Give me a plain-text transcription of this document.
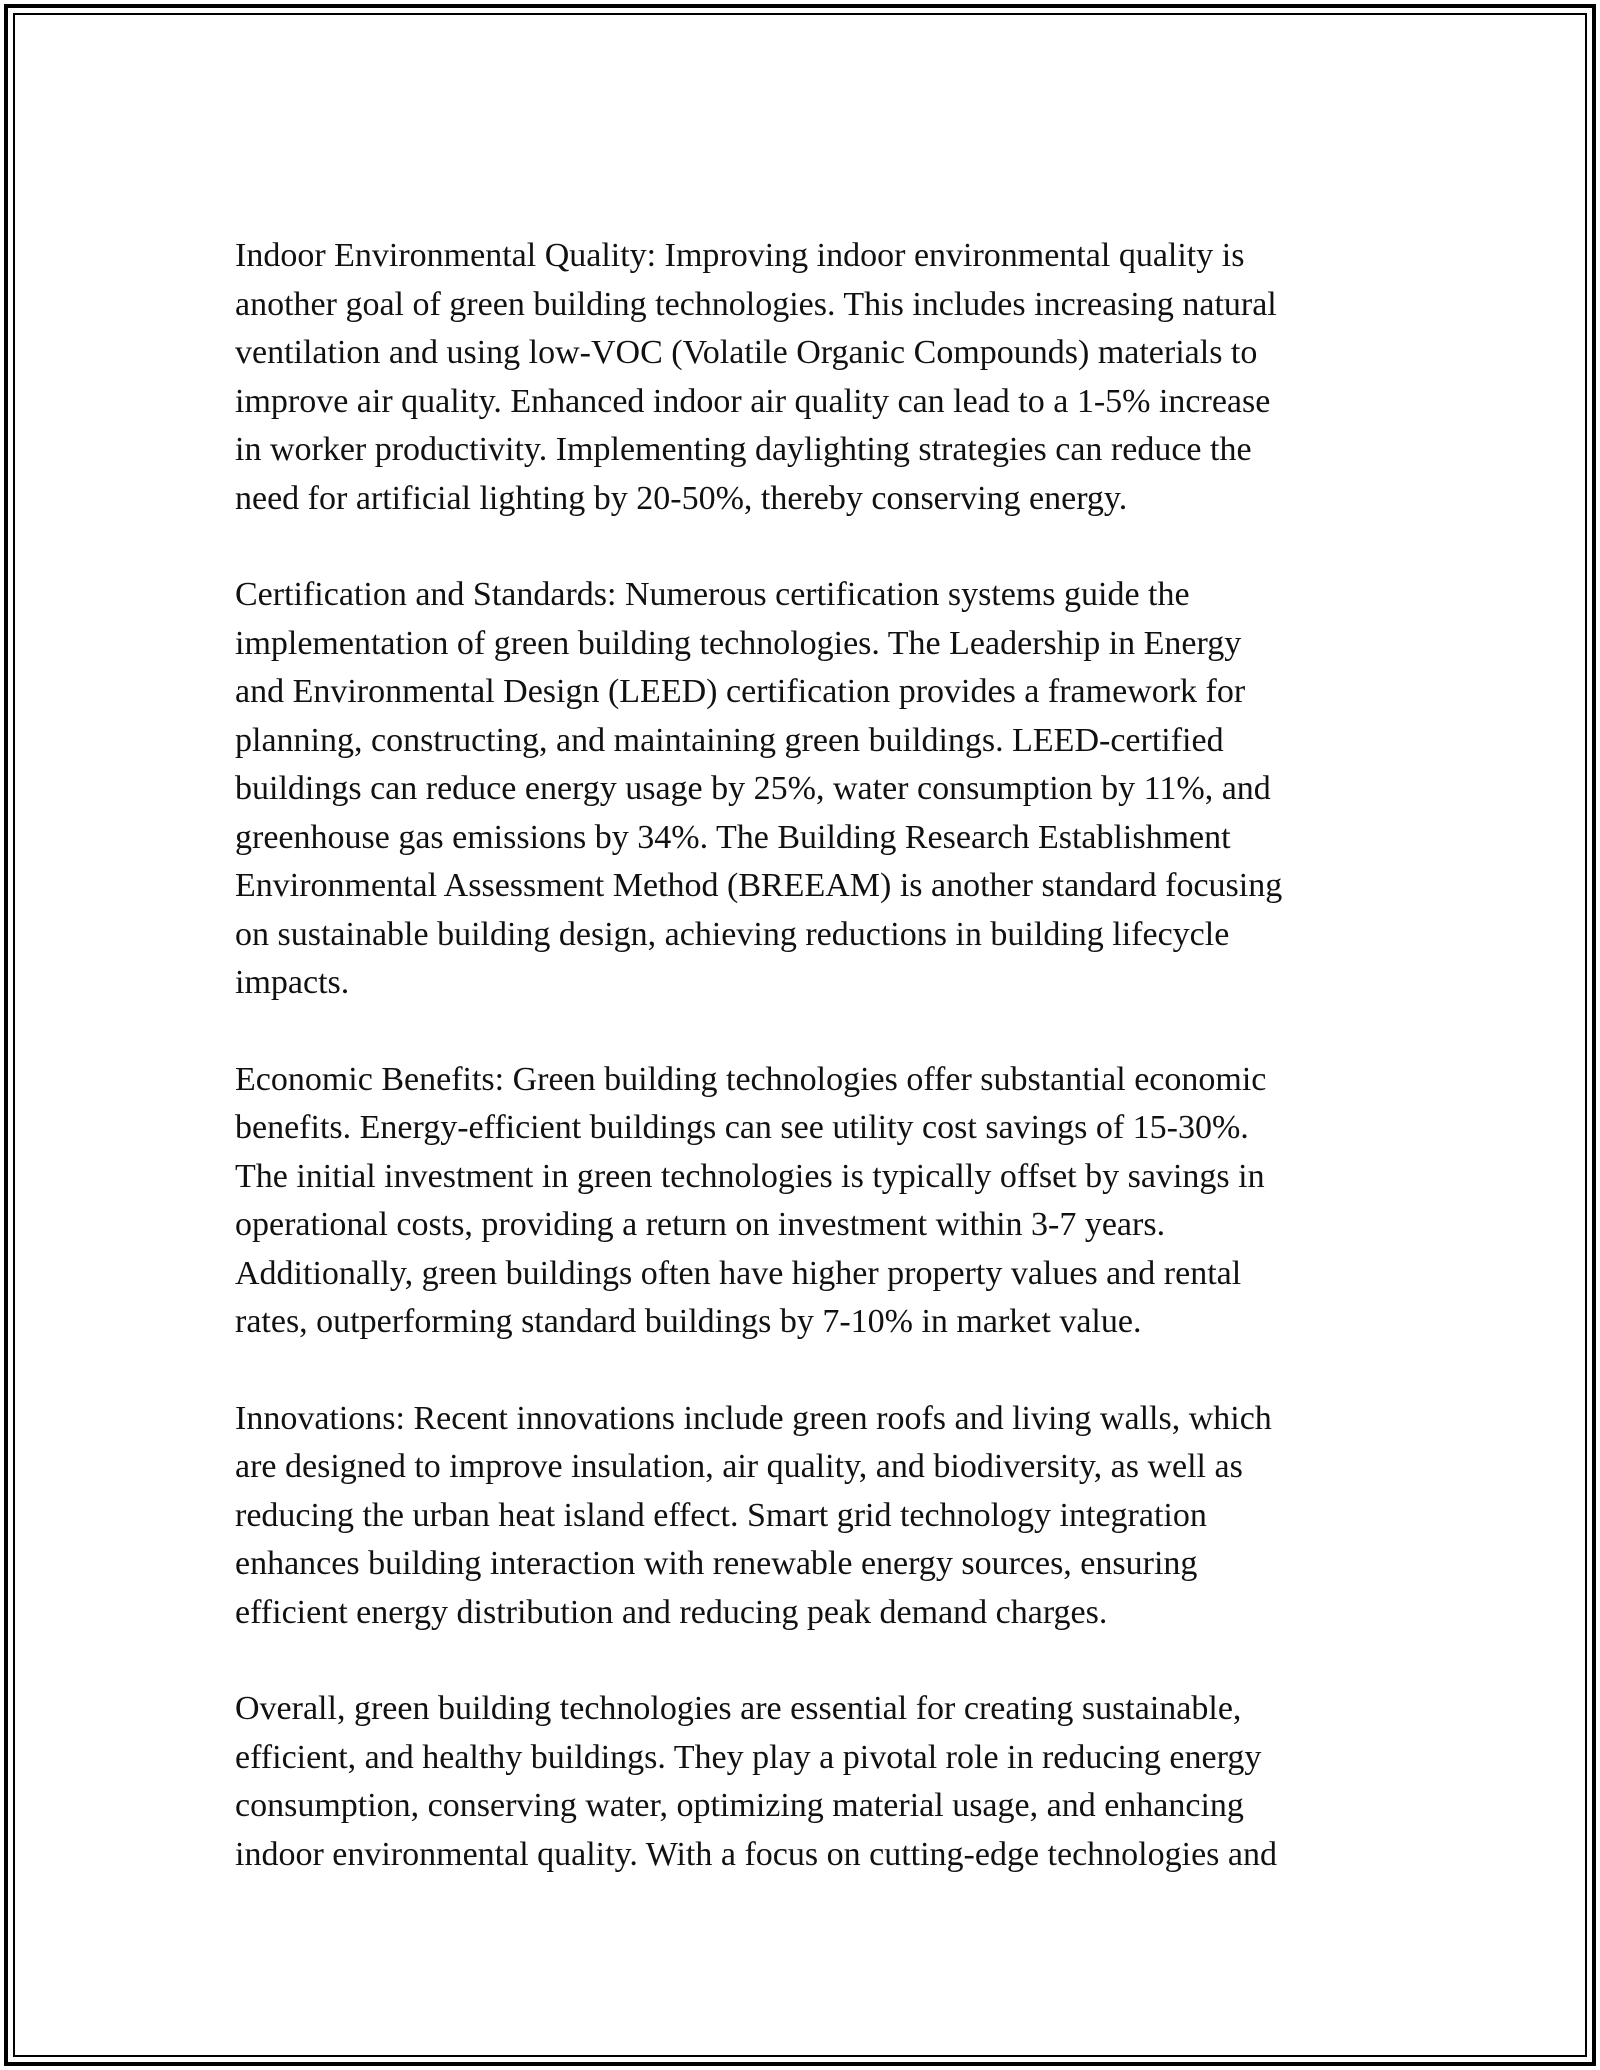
Indoor Environmental Quality: Improving indoor environmental quality is
another goal of green building technologies. This includes increasing natural
ventilation and using low-VOC (Volatile Organic Compounds) materials to
improve air quality. Enhanced indoor air quality can lead to a 1-5% increase
in worker productivity. Implementing daylighting strategies can reduce the
need for artificial lighting by 20-50%, thereby conserving energy.

Certification and Standards: Numerous certification systems guide the
implementation of green building technologies. The Leadership in Energy
and Environmental Design (LEED) certification provides a framework for
planning, constructing, and maintaining green buildings. LEED-certified
buildings can reduce energy usage by 25%, water consumption by 11%, and
greenhouse gas emissions by 34%. The Building Research Establishment
Environmental Assessment Method (BREEAM) is another standard focusing
on sustainable building design, achieving reductions in building lifecycle
impacts.

Economic Benefits: Green building technologies offer substantial economic
benefits. Energy-efficient buildings can see utility cost savings of 15-30%.
The initial investment in green technologies is typically offset by savings in
operational costs, providing a return on investment within 3-7 years.
Additionally, green buildings often have higher property values and rental
rates, outperforming standard buildings by 7-10% in market value.

Innovations: Recent innovations include green roofs and living walls, which
are designed to improve insulation, air quality, and biodiversity, as well as
reducing the urban heat island effect. Smart grid technology integration
enhances building interaction with renewable energy sources, ensuring
efficient energy distribution and reducing peak demand charges.

Overall, green building technologies are essential for creating sustainable,
efficient, and healthy buildings. They play a pivotal role in reducing energy
consumption, conserving water, optimizing material usage, and enhancing
indoor environmental quality. With a focus on cutting-edge technologies and
